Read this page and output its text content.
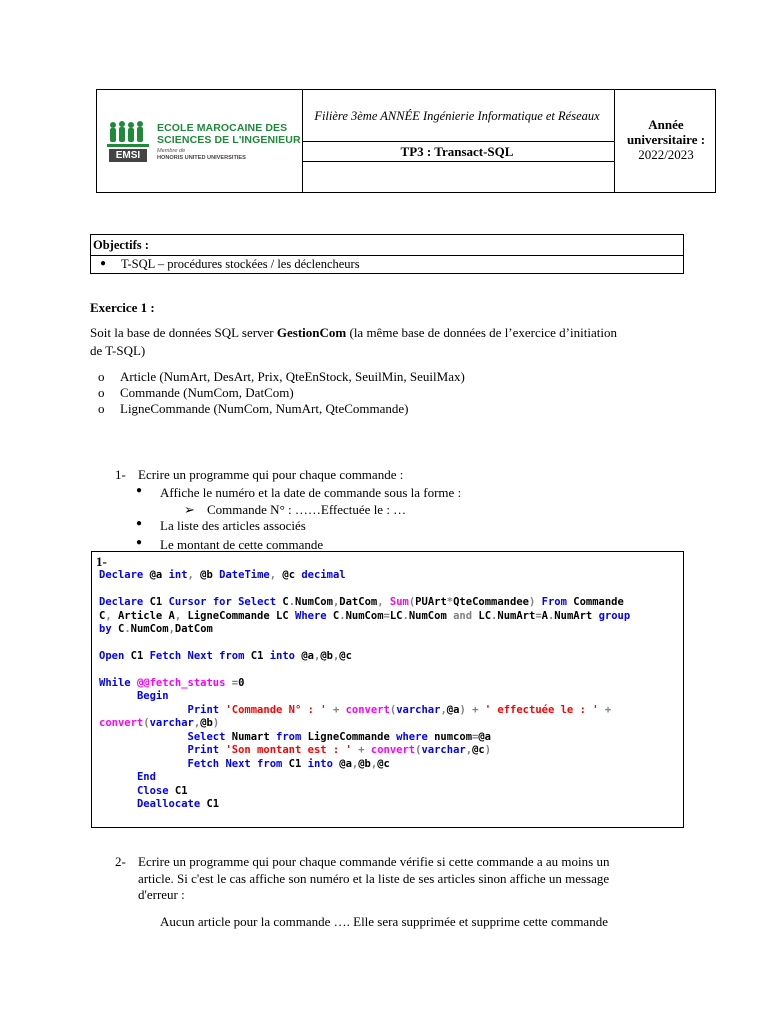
EMSI
ECOLE MAROCAINE DES
SCIENCES DE L'INGENIEUR
Membre de
HONORIS UNITED UNIVERSITIES
Filière 3ème ANNÉE Ingénierie Informatique et Réseaux
TP3 : Transact-SQL
Année universitaire :
2022/2023
Objectifs :
● T-SQL – procédures stockées / les déclencheurs
Exercice 1 :
Soit la base de données SQL server GestionCom (la même base de données de l’exercice d’initiation
de T-SQL)
o Article (NumArt, DesArt, Prix, QteEnStock, SeuilMin, SeuilMax)
o Commande (NumCom, DatCom)
o LigneCommande (NumCom, NumArt, QteCommande)
1- Ecrire un programme qui pour chaque commande :
● Affiche le numéro et la date de commande sous la forme :
➢ Commande N° : ……Effectuée le : …
● La liste des articles associés
● Le montant de cette commande
1-
Declare @a int, @b DateTime, @c decimal
Declare C1 Cursor for Select C.NumCom,DatCom, Sum(PUArt*QteCommandee) From Commande
C, Article A, LigneCommande LC Where C.NumCom=LC.NumCom and LC.NumArt=A.NumArt group
by C.NumCom,DatCom
Open C1 Fetch Next from C1 into @a,@b,@c
While @@fetch_status =0
Begin
Print 'Commande N° : ' + convert(varchar,@a) + ' effectuée le : ' +
convert(varchar,@b)
Select Numart from LigneCommande where numcom=@a
Print 'Son montant est : ' + convert(varchar,@c)
Fetch Next from C1 into @a,@b,@c
End
Close C1
Deallocate C1
2- Ecrire un programme qui pour chaque commande vérifie si cette commande a au moins un
article. Si c'est le cas affiche son numéro et la liste de ses articles sinon affiche un message
d'erreur :
Aucun article pour la commande …. Elle sera supprimée et supprime cette commande
